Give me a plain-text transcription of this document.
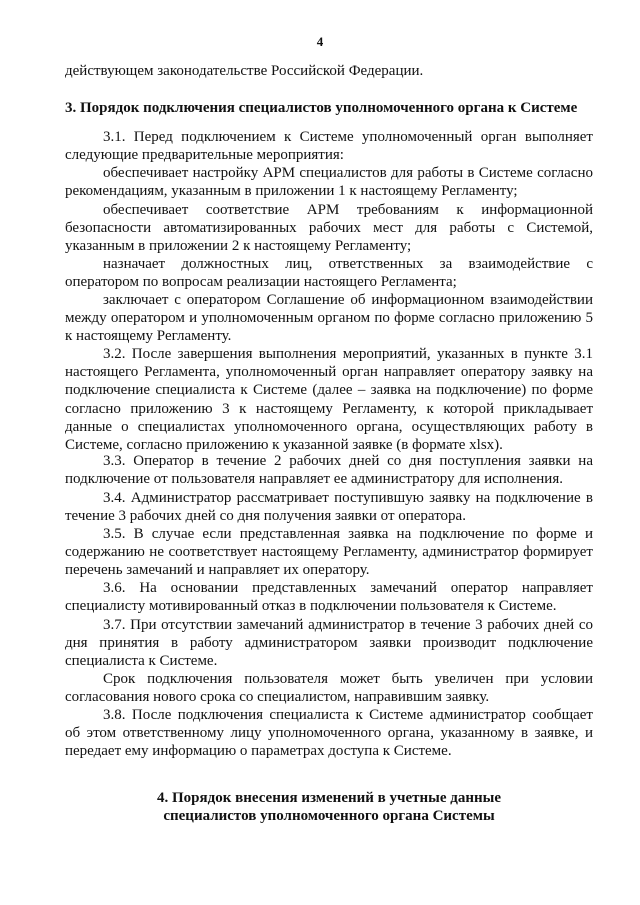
4

действующем законодательстве Российской Федерации.

3. Порядок подключения специалистов уполномоченного органа к Системе

3.1. Перед подключением к Системе уполномоченный орган выполняет следующие предварительные мероприятия:

обеспечивает настройку АРМ специалистов для работы в Системе согласно рекомендациям, указанным в приложении 1 к настоящему Регламенту;

обеспечивает соответствие АРМ требованиям к информационной безопасности автоматизированных рабочих мест для работы с Системой, указанным в приложении 2 к настоящему Регламенту;

назначает должностных лиц, ответственных за взаимодействие с оператором по вопросам реализации настоящего Регламента;

заключает с оператором Соглашение об информационном взаимодействии между оператором и уполномоченным органом по форме согласно приложению 5 к настоящему Регламенту.

3.2. После завершения выполнения мероприятий, указанных в пункте 3.1 настоящего Регламента, уполномоченный орган направляет оператору заявку на подключение специалиста к Системе (далее – заявка на подключение) по форме согласно приложению 3 к настоящему Регламенту, к которой прикладывает данные о специалистах уполномоченного органа, осуществляющих работу в Системе, согласно приложению к указанной заявке (в формате xlsx).

3.3. Оператор в течение 2 рабочих дней со дня поступления заявки на подключение от пользователя направляет ее администратору для исполнения.

3.4. Администратор рассматривает поступившую заявку на подключение в течение 3 рабочих дней со дня получения заявки от оператора.

3.5. В случае если представленная заявка на подключение по форме и содержанию не соответствует настоящему Регламенту, администратор формирует перечень замечаний и направляет их оператору.

3.6. На основании представленных замечаний оператор направляет специалисту мотивированный отказ в подключении пользователя к Системе.

3.7. При отсутствии замечаний администратор в течение 3 рабочих дней со дня принятия в работу администратором заявки производит подключение специалиста к Системе.

Срок подключения пользователя может быть увеличен при условии согласования нового срока со специалистом, направившим заявку.

3.8. После подключения специалиста к Системе администратор сообщает об этом ответственному лицу уполномоченного органа, указанному в заявке, и передает ему информацию о параметрах доступа к Системе.

4. Порядок внесения изменений в учетные данные

специалистов уполномоченного органа Системы
